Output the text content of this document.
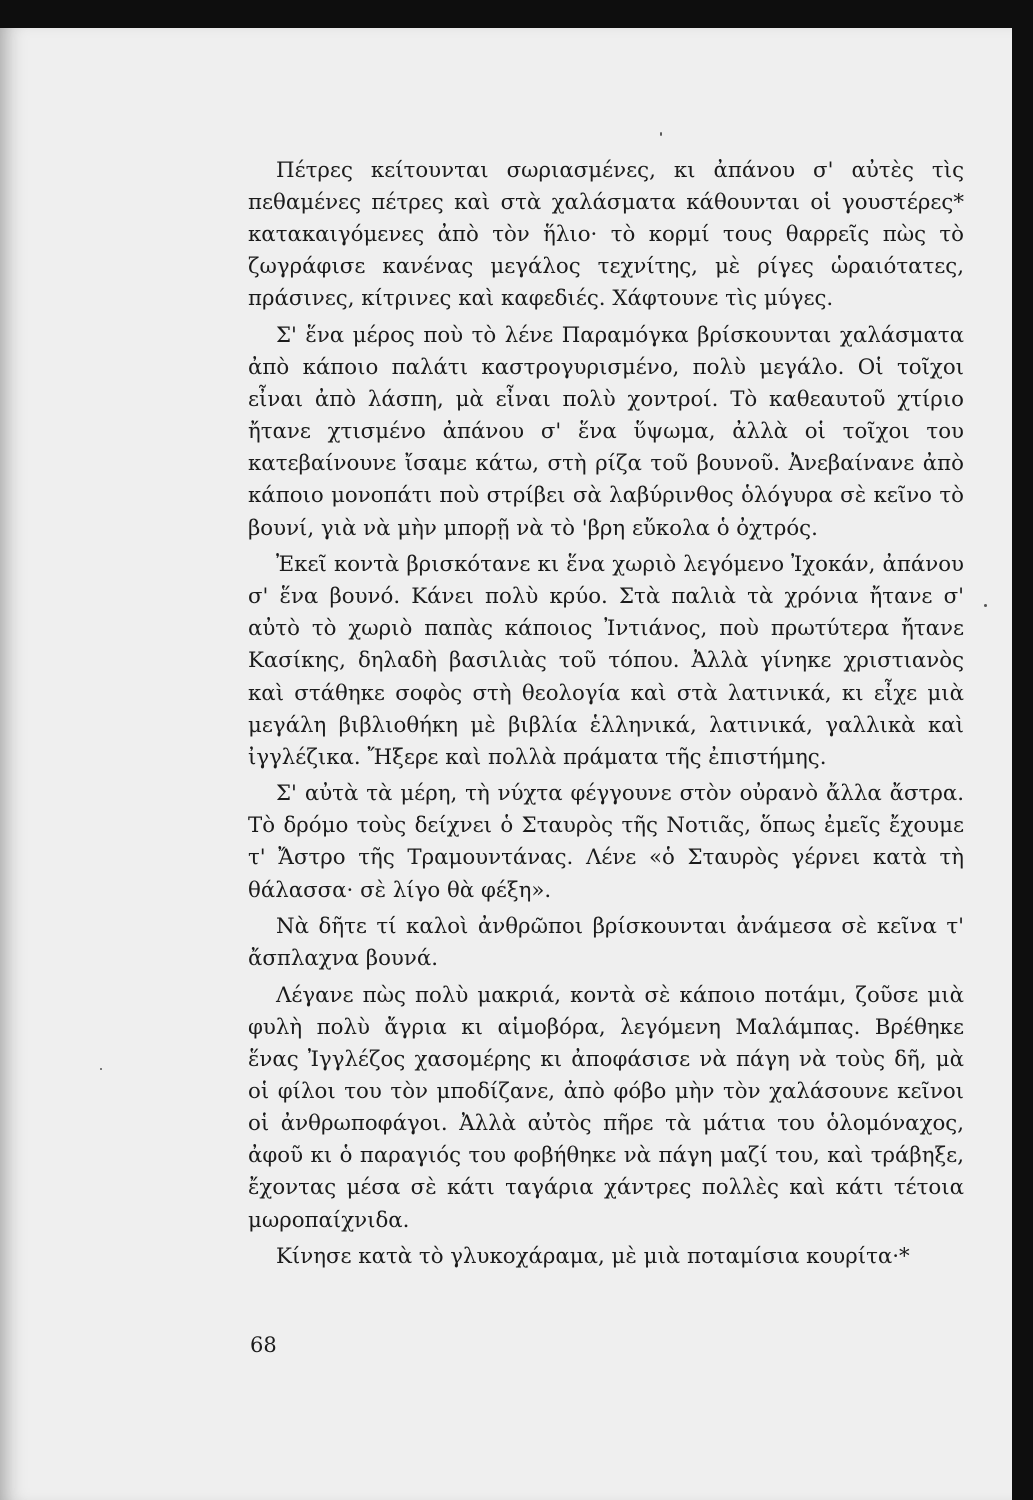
Πέτρες κείτουνται σωριασμένες, κι ἀπάνου σ' αὐτὲς τὶς πεθαμένες πέτρες καὶ στὰ χαλάσματα κάθουνται οἱ γουστέρες* κατακαιγόμενες ἀπὸ τὸν ἥλιο· τὸ κορμί τους θαρρεῖς πὼς τὸ ζωγράφισε κανένας μεγάλος τεχνίτης, μὲ ρίγες ὡραιότατες, πράσινες, κίτρινες καὶ καφεδιές. Χάφτουνε τὶς μύγες.

Σ' ἕνα μέρος ποὺ τὸ λένε Παραμόγκα βρίσκουνται χαλάσματα ἀπὸ κάποιο παλάτι καστρογυρισμένο, πολὺ μεγάλο. Οἱ τοῖχοι εἶναι ἀπὸ λάσπη, μὰ εἶναι πολὺ χοντροί. Τὸ καθεαυτοῦ χτίριο ἤτανε χτισμένο ἀπάνου σ' ἕνα ὕψωμα, ἀλλὰ οἱ τοῖχοι του κατεβαίνουνε ἴσαμε κάτω, στὴ ρίζα τοῦ βουνοῦ. Ἀνεβαίνανε ἀπὸ κάποιο μονοπάτι ποὺ στρίβει σὰ λαβύρινθος ὁλόγυρα σὲ κεῖνο τὸ βουνί, γιὰ νὰ μὴν μπορῇ νὰ τὸ 'βρη εὔκολα ὁ ὀχτρός.

Ἐκεῖ κοντὰ βρισκότανε κι ἕνα χωριὸ λεγόμενο Ἰχοκάν, ἀπάνου σ' ἕνα βουνό. Κάνει πολὺ κρύο. Στὰ παλιὰ τὰ χρόνια ἤτανε σ' αὐτὸ τὸ χωριὸ παπὰς κάποιος Ἰντιάνος, ποὺ πρωτύτερα ἤτανε Κασίκης, δηλαδὴ βασιλιὰς τοῦ τόπου. Ἀλλὰ γίνηκε χριστιανὸς καὶ στάθηκε σοφὸς στὴ θεολογία καὶ στὰ λατινικά, κι εἶχε μιὰ μεγάλη βιβλιοθήκη μὲ βιβλία ἑλληνικά, λατινικά, γαλλικὰ καὶ ἰγγλέζικα. Ἤξερε καὶ πολλὰ πράματα τῆς ἐπιστήμης.

Σ' αὐτὰ τὰ μέρη, τὴ νύχτα φέγγουνε στὸν οὐρανὸ ἄλλα ἄστρα. Τὸ δρόμο τοὺς δείχνει ὁ Σταυρὸς τῆς Νοτιᾶς, ὅπως ἐμεῖς ἔχουμε τ' Ἄστρο τῆς Τραμουντάνας. Λένε «ὁ Σταυρὸς γέρνει κατὰ τὴ θάλασσα· σὲ λίγο θὰ φέξη».

Νὰ δῆτε τί καλοὶ ἀνθρῶποι βρίσκουνται ἀνάμεσα σὲ κεῖνα τ' ἄσπλαχνα βουνά.

Λέγανε πὼς πολὺ μακριά, κοντὰ σὲ κάποιο ποτάμι, ζοῦσε μιὰ φυλὴ πολὺ ἄγρια κι αἱμοβόρα, λεγόμενη Μαλάμπας. Βρέθηκε ἕνας Ἰγγλέζος χασομέρης κι ἀποφάσισε νὰ πάγη νὰ τοὺς δῆ, μὰ οἱ φίλοι του τὸν μποδίζανε, ἀπὸ φόβο μὴν τὸν χαλάσουνε κεῖνοι οἱ ἀνθρωποφάγοι. Ἀλλὰ αὐτὸς πῆρε τὰ μάτια του ὁλομόναχος, ἀφοῦ κι ὁ παραγιός του φοβήθηκε νὰ πάγη μαζί του, καὶ τράβηξε, ἔχοντας μέσα σὲ κάτι ταγάρια χάντρες πολλὲς καὶ κάτι τέτοια μωροπαίχνιδα.

Κίνησε κατὰ τὸ γλυκοχάραμα, μὲ μιὰ ποταμίσια κουρίτα·*

68
